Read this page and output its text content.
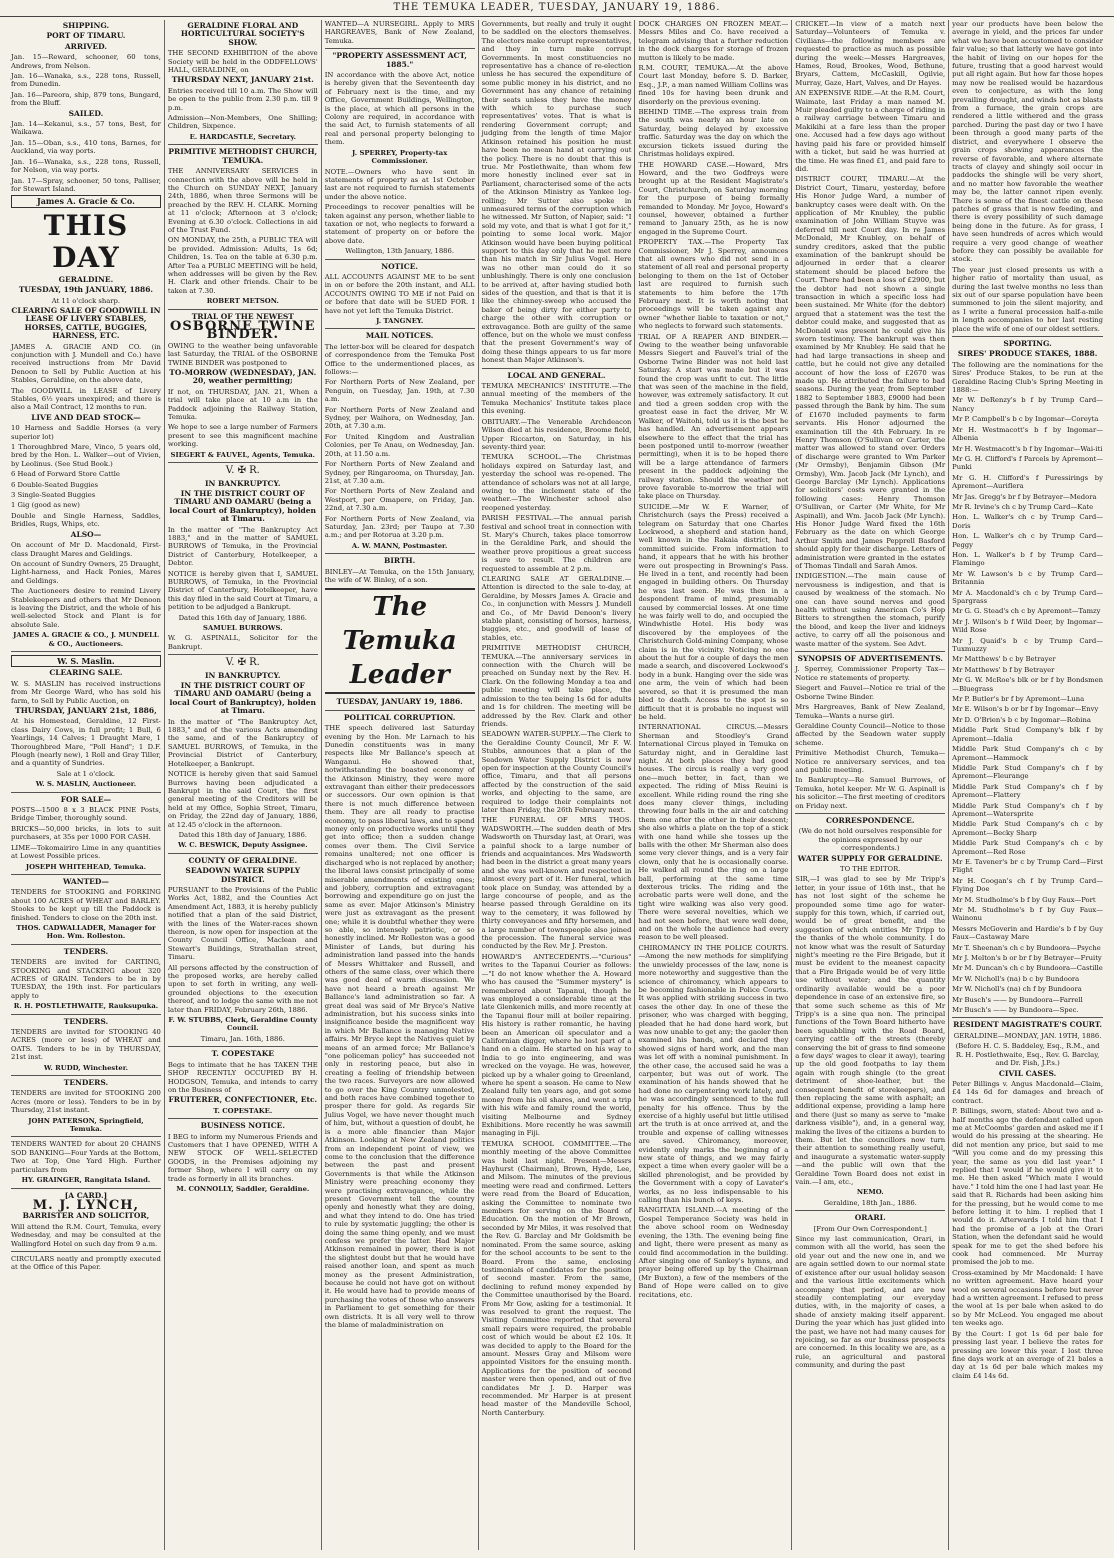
THE TEMUKA LEADER, TUESDAY, JANUARY 19, 1886.
SHIPPING.
PORT OF TIMARU.
ARRIVED.
Jan. 15—Reward, schooner, 60 tons, Andrews, from Nelson.
Jan. 16—Wanaka, s.s., 228 tons, Russell, from Dunedin.
Jan. 16—Pareora, ship, 879 tons, Bungard, from the Bluff.
SAILED.
Jan. 14—Kekanui, s.s., 57 tons, Best, for Waikawa.
Jan. 15—Oban, s.s., 410 tons, Barnes, for Auckland, via way ports.
Jan. 16—Wanaka, s.s., 228 tons, Russell, for Nelson, via way ports.
Jan. 17—Spray, schooner, 50 tons, Palliser, for Stewart Island.
James A. Gracie & Co.
THIS DAY
GERALDINE.
TUESDAY, 19th JANUARY, 1886.
At 11 o'clock sharp.
CLEARING SALE OF GOODWILL IN LEASE OF LIVERY STABLES, HORSES, CATTLE, BUGGIES, HARNESS, ETC.
JAMES A. GRACIE AND CO. (in conjunction with J. Mundell and Co.) have received instructions from Mr David Denoon to Sell by Public Auction at his Stables, Geraldine, on the above date,
The GOODWILL in LEASE of Livery Stables, 6½ years unexpired; and there is also a Mail Contract, 12 months to run.
LIVE AND DEAD STOCK—
10 Harness and Saddle Horses (a very superior lot)
1 Thoroughbred Mare, Vinco, 5 years old, bred by the Hon. L. Walker—out of Vivien, by Leolinus. (See Stud Book.)
6 Head of Forward Store Cattle
6 Double-Seated Buggies
3 Single-Seated Buggies
1 Gig (good as new)
Double and Single Harness, Saddles, Bridles, Rugs, Whips, etc.
ALSO—
On account of Mr D. Macdonald, First-class Draught Mares and Geldings.
On account of Sundry Owners, 25 Draught, Light-harness, and Hack Ponies, Mares and Geldings.
The Auctioneers desire to remind Livery Stablekeepers and others that Mr Denoon is leaving the District, and the whole of his well-selected Stock and Plant is for absolute Sale.
JAMES A. GRACIE & CO., J. MUNDELL & CO., Auctioneers.
W. S. Maslin.
CLEARING SALE.
W. S. MASLIN has received instructions from Mr George Ward, who has sold his farm, to Sell by Public Auction, on
THURSDAY, JANUARY 21st, 1886,
At his Homestead, Geraldine, 12 First-class Dairy Cows, in full profit; 1 Bull, 6 Yearlings, 14 Calves; 1 Draught Mare, 1 Thoroughbred Mare, "Poll Hand"; 1 D.F. Plough (nearly new), 1 Roll and Gray Tiller, and a quantity of Sundries.
Sale at 1 o'clock.
W. S. MASLIN, Auctioneer.
FOR SALE—
POSTS—1500 8 x 3 BLACK PINE Posts, Bridge Timber, thoroughly sound.
BRICKS—50,000 bricks, in lots to suit purchasers, at 35s per 1000 FOR CASH.
LIME—Tokomairiro Lime in any quantities at Lowest Possible prices.
JOSEPH WHITEHEAD, Temuka.
WANTED—
TENDERS for STOOKING and FORKING about 100 ACRES of WHEAT and BARLEY. Stooks to be kept up till the Paddock is finished. Tenders to close on the 20th inst.
THOS. CADWALLADER, Manager for Hon. Wm. Rolleston.
TENDERS.
TENDERS are invited for CARTING, STOOKING and STACKING about 320 ACRES of GRAIN. Tenders to be in by TUESDAY, the 19th inst. For particulars apply to
R. H. POSTLETHWAITE, Rauksupuka.
TENDERS.
TENDERS are invited for STOOKING 40 ACRES (more or less) of WHEAT and OATS. Tenders to be in by THURSDAY, 21st inst.
W. RUDD, Winchester.
TENDERS.
TENDERS are invited for STOOKING 200 Acres (more or less). Tenders to be in by Thursday, 21st instant.
JOHN PATERSON, Springfield, Temuka.
TENDERS WANTED for about 20 CHAINS SOD BANKING—Four Yards at the Bottom, Two at Top, One Yard High. Further particulars from
HY. GRAINGER, Rangitata Island.
[A CARD.]
M. J. LYNCH,
BARRISTER AND SOLICITOR,
Will attend the R.M. Court, Temuka, every Wednesday, and may be consulted at the Wallingford Hotel on such day from 9 a.m.
CIRCULARS neatly and promptly executed at the Office of this Paper.
GERALDINE FLORAL AND HORTICULTURAL SOCIETY'S SHOW.
THE SECOND EXHIBITION of the above Society will be held in the ODDFELLOWS' HALL, GERALDINE, on
THURSDAY NEXT, JANUARY 21st.
Entries received till 10 a.m. The Show will be open to the public from 2.30 p.m. till 9 p.m.
Admission—Non-Members, One Shilling; Children, Sixpence.
E. HARDCASTLE, Secretary.
PRIMITIVE METHODIST CHURCH, TEMUKA.
THE ANNIVERSARY SERVICES in connection with the above will be held in the Church on SUNDAY NEXT, January 24th, 1886, when three Sermons will be preached by the REV. H. CLARK. Morning at 11 o'clock; Afternoon at 3 o'clock; Evening at 6.30 o'clock. Collections in aid of the Trust Fund.
ON MONDAY, the 25th, a PUBLIC TEA will be provided. Admission: Adults, 1s 6d; Children, 1s. Tea on the table at 6.30 p.m. After Tea a PUBLIC MEETING will be held, when addresses will be given by the Rev. H. Clark and other friends. Chair to be taken at 7.30.
ROBERT METSON.
TRIAL OF THE NEWEST
OSBORNE TWINE BINDER.
OWING to the weather being unfavorable last Saturday, the TRIAL of the OSBORNE TWINE BINDER was postponed to
TO-MORROW (WEDNESDAY), JAN. 20, weather permitting;
If not, on THURSDAY, JAN. 21, When a trial will take place at 10 a.m in the Paddock adjoining the Railway Station, Temuka.
We hope to see a large number of Farmers present to see this magnificent machine working.
SIEGERT & FAUVEL, Agents, Temuka.
V. ✠ R.
IN BANKRUPTCY.
IN THE DISTRICT COURT OF TIMARU AND OAMARU (being a local Court of Bankruptcy), holden at Timaru.
In the matter of "The Bankruptcy Act 1883," and in the matter of SAMUEL BURROWS of Temuka, in the Provincial District of Canterbury, Hotelkeeper, a Debtor.
NOTICE is hereby given that I, SAMUEL BURROWS, of Temuka, in the Provincial District of Canterbury, Hotelkeeper, have this day filed in the said Court at Timaru, a petition to be adjudged a Bankrupt.
Dated this 16th day of January, 1886.
SAMUEL BURROWS.
W. G. ASPINALL, Solicitor for the Bankrupt.
V. ✠ R.
IN BANKRUPTCY.
IN THE DISTRICT COURT OF TIMARU AND OAMARU (being a local Court of Bankruptcy), holden at Timaru.
In the matter of "The Bankruptcy Act, 1883," and of the various Acts amending the same, and of the Bankruptcy of SAMUEL BURROWS, of Temuka, in the Provincial District of Canterbury, Hotelkeeper, a Bankrupt.
NOTICE is hereby given that said Samuel Burrows having been adjudicated a Bankrupt in the said Court, the first general meeting of the Creditors will be held at my Office, Sophia Street, Timaru, on Friday, the 22nd day of January, 1886, at 12.45 o'clock in the afternoon.
Dated this 18th day of January, 1886.
W. C. BESWICK, Deputy Assignee.
COUNTY OF GERALDINE.
SEADOWN WATER SUPPLY DISTRICT.
PURSUANT to the Provisions of the Public Works Act, 1882, and the Counties Act Amendment Act, 1883, it is hereby publicly notified that a plan of the said District, with the lines of the Water-races shown thereon, is now open for inspection at the County Council Office, Maclean and Stewart's Buildings, Strathallan street, Timaru.
All persons affected by the construction of the proposed works, are hereby called upon to set forth in writing, any well-grounded objections to the execution thereof, and to lodge the same with me not later than FRIDAY, February 26th, 1886.
F. W. STUBBS, Clerk, Geraldine County Council.
Timaru, Jan. 16th, 1886.
T. COPESTAKE
Begs to intimate that he has TAKEN THE SHOP RECENTLY OCCUPIED BY H. HODGSON, Temuka, and intends to carry on the Business of
FRUITERER, CONFECTIONER, Etc.
T. COPESTAKE.
BUSINESS NOTICE.
I BEG to inform my Numerous Friends and Customers that I have OPENED, WITH A NEW STOCK OF WELL-SELECTED GOODS, in the Premises adjoining my former Shop, where I will carry on my trade as formerly in all its branches.
M. CONNOLLY, Saddler, Geraldine.
WANTED—A NURSEGIRL. Apply to MRS HARGREAVES, Bank of New Zealand, Temuka.
"PROPERTY ASSESSMENT ACT, 1885."
IN accordance with the above Act, notice is hereby given that the Seventeenth day of February next is the time, and my Office, Government Buildings, Wellington, is the place, at which all persons in the Colony are required, in accordance with the said Act, to furnish statements of all real and personal property belonging to them.
J. SPERREY, Property-tax Commissioner.
NOTE.—Owners who have sent in statements of property as at 1st October last are not required to furnish statements under the above notice.
Proceedings to recover penalties will be taken against any person, whether liable to taxation or not, who neglects to forward a statement of property on or before the above date.
Wellington, 13th January, 1886.
NOTICE.
ALL ACCOUNTS AGAINST ME to be sent in on or before the 20th instant, and ALL ACCOUNTS OWING TO ME if not Paid on or before that date will be SUED FOR. I have not yet left the Temuka District.
J. TANGNEY.
MAIL NOTICES.
The letter-box will be cleared for despatch of correspondence from the Temuka Post Office to the undermentioned places, as follows:—
For Northern Ports of New Zealand, per Penguin, on Tuesday, Jan. 19th, at 7.30 a.m.
For Northern Ports of New Zealand and Sydney, per Waihora, on Wednesday, Jan. 20th, at 7.30 a.m.
For United Kingdom and Australian Colonies, per Te Anau, on Wednesday, Jan. 20th, at 11.50 a.m.
For Northern Ports of New Zealand and Sydney, per Ringarooma, on Thursday, Jan. 21st, at 7.30 a.m.
For Northern Ports of New Zealand and Westport, per Omapere, on Friday, Jan. 22nd, at 7.30 a.m.
For Northern Ports of New Zealand, via Saturday, Jan. 23rd; per Taupo at 7.30 a.m.; and per Rotorua at 3.20 p.m.
A. W. MANN, Postmaster.
BIRTH.
BINLEY—At Temuka, on the 15th January, the wife of W. Binley, of a son.
The Temuka Leader
TUESDAY, JANUARY 19, 1886.
POLITICAL CORRUPTION.
THE speech delivered last Saturday evening by the Hon. Mr Larnach to his Dunedin constituents was in many respects like Mr Ballance's speech at Wanganui. He showed that, notwithstanding the boasted economy of the Atkinson Ministry, they were more extravagant than either their predecessors or successors. Our own opinion is that there is not much difference between them. They are all ready to practise economy, to pass liberal laws, and to spend money only on productive works until they get into office; then a sudden change comes over them. The Civil Service remains unaltered; not one officer is discharged who is not replaced by another; the liberal laws consist principally of some miserable amendments of existing ones; and jobbery, corruption and extravagant borrowing and expenditure go on just the same as ever. Major Atkinson's Ministry were just as extravagant as the present one; while it is doubtful whether they were so able, so intensely patriotic, or so honestly inclined. Mr Rolleston was a good Minister of Lands, but during his administration land passed into the hands of Messrs Whittaker and Russell, and others of the same class, over which there was good deal of warm discussion. We have not heard a breath against Mr Ballance's land administration so far. A great deal was said of Mr Bryce's Native administration, but his success sinks into insignificance beside the magnificent way in which Mr Ballance is managing Native affairs. Mr Bryce kept the Natives quiet by means of an armed force; Mr Ballance's "one policeman policy" has succeeded not only in restoring peace, but also in creating a feeling of friendship between the two races. Surveyors are now allowed to go over the King Country unmolested, and both races have combined together to prosper there for gold. As regards Sir Julius Vogel, we have never thought much of him, but, without a question of doubt, he is a more able financier than Major Atkinson. Looking at New Zealand politics from an independent point of view, we come to the conclusion that the difference between the past and present Governments is that while the Atkinson Ministry were preaching economy they were practising extravagance, while the present Government tell the country openly and honestly what they are doing, and what they intend to do. One has tried to rule by systematic juggling; the other is doing the same thing openly, and we must confess we prefer the latter. Had Major Atkinson remained in power, there is not the slightest doubt but that he would have raised another loan, and spent as much money as the present Administration, because he could not have got on without it. He would have had to provide means of purchasing the votes of those who answers in Parliament to get something for their own districts. It is all very well to throw the blame of maladministration on
Governments, but really and truly it ought to be saddled on the electors themselves. The electors make corrupt representatives, and they in turn make corrupt Governments. In most constituencies no representative has a chance of re-election unless he has secured the expenditure of some public money in his district, and no Government has any chance of retaining their seats unless they have the money with which to purchase such representatives' votes. That is what is rendering Government corrupt; and judging from the length of time Major Atkinson retained his position he must have been no mean hand at carrying out the policy. There is no doubt that this is true. Mr Postlethwaite, than whom few more honestly inclined ever sat in Parliament, characterised some of the acts of the Atkinson Ministry as Yankee log-rolling; Mr Sutter also spoke in unmeasured terms of the corruption which he witnessed. Mr Sutton, of Napier, said: "I sold my vote, and that is what I got for it," pointing to some local work. Major Atkinson would have been buying political support to this day only that he met more than his match in Sir Julius Vogel. Here was no other man could do it so unblushingly. There is only one conclusion to be arrived at, after having studied both sides of the question, and that is that it is like the chimney-sweep who accused the baker of being dirty for either party to charge the other with corruption or extravagance. Both are guilty of the same offence, but on the whole we must confess that the present Government's way of doing these things appears to us far more honest than Major Atkinson's.
LOCAL AND GENERAL.
TEMUKA MECHANICS' INSTITUTE.—The annual meeting of the members of the Temuka Mechanics' Institute takes place this evening.
OBITUARY.—The Venerable Archdeacon Wilson died at his residence, Broome field, Upper Riccarton, on Saturday, in his seventy-third year.
TEMUKA SCHOOL.—The Christmas holidays expired on Saturday last, and yesterday the school was re-opened. The attendance of scholars was not at all large, owing to the inclement state of the weather.—The Winchester school also reopened yesterday.
PARISH FESTIVAL.—The annual parish festival and school treat in connection with St. Mary's Church, takes place tomorrow in the Geraldine Park, and should the weather prove propitious a great success is sure to result. The children are requested to assemble at 2 p.m.
CLEARING SALE AT GERALDINE.—Attention is directed to the sale to-day, at Geraldine, by Messrs James A. Gracie and Co., in conjunction with Messrs J. Mundell and Co., of Mr David Denoon's livery stable plant, consisting of horses, harness, buggies, etc., and goodwill of lease of stables, etc.
PRIMITIVE METHODIST CHURCH, TEMUKA.—The anniversary services in connection with the Church will be preached on Sunday next by the Rev. H. Clark. On the following Monday a tea and public meeting will take place, the admission to the tea being 1s 6d for adults and 1s for children. The meeting will be addressed by the Rev. Clark and other friends.
SEADOWN WATER-SUPPLY.—The Clerk to the Geraldine County Council, Mr F. W. Stubbs, announces that a plan of the Seadown Water Supply District is now open for inspection at the County Council's office, Timaru, and that all persons affected by the construction of the said works, and objecting to the same, are required to lodge their complaints not later than Friday, the 26th February next.
THE FUNERAL OF MRS THOS. WADSWORTH.—The sudden death of Mrs Wadsworth on Thursday last, at Orari, was a painful shock to a large number of friends and acquaintances. Mrs Wadsworth had been in the district a great many years and she was well-known and respected in almost every part of it. Her funeral, which took place on Sunday, was attended by a large concourse of people, and as the hearse passed through Geraldine on its way to the cemetery, it was followed by thirty conveyances and fifty horsemen, and a large number of townspeople also joined the procession. The funeral service was conducted by the Rev. Mr J. Preston.
HOWARD'S ANTECEDENTS.—"Curious" writes to the Tapanui Courier as follows:—"I do not know whether the A. Howard who has caused the "Summer mystery" is remembered about Tapanui, though he was employed a considerable time at the late Glenkenich mills, and more recently at the Tapanui flour mill at boiler repairing. His history is rather romantic, he having been an American oil speculator and a Californian digger, where he lost part of a hand on a claim. He started on his way to India to go into engineering, and was wrecked on the voyage. He was, however, picked up by a whaler going to Greenland, where he spent a season. He came to New Zealand fully ten years ago, and got some money from his oil shares, and went a trip with his wife and family round the world, visiting Melbourne and Sydney Exhibitions. More recently he was sawmill managing in Fiji.
TEMUKA SCHOOL COMMITTEE.—The monthly meeting of the above Committee was held last night. Present—Messrs Hayhurst (Chairman), Brown, Hyde, Lee, and Milsom. The minutes of the previous meeting were read and confirmed. Letters were read from the Board of Education, asking the Committee to nominate two members for serving on the Board of Education. On the motion of Mr Brown, seconded by Mr Miles, it was resolved that the Rev. G. Barclay and Mr Goldsmith be nominated. From the same source, asking for the school accounts to be sent to the Board. From the same, enclosing testimonials of candidates for the position of second master. From the same, declining to refund money expended by the Committee unauthorised by the Board. From Mr Gow, asking for a testimonial. It was resolved to grant the request. The Visiting Committee reported that several small repairs were required, the probable cost of which would be about £2 10s. It was decided to apply to the Board for the amount. Messrs Gray and Milsom were appointed Visitors for the ensuing month. Applications for the position of second master were then opened, and out of five candidates Mr J. D. Harper was recommended. Mr Harper is at present head master of the Mandeville School, North Canterbury.
DOCK CHARGES ON FROZEN MEAT.—Messrs Miles and Co. have received a telegram advising that a further reduction in the dock charges for storage of frozen mutton is likely to be made.
R.M. COURT, TEMUKA.—At the above Court last Monday, before S. D. Barker, Esq., J.P., a man named William Collins was fined 10s for having been drunk and disorderly on the previous evening.
BEHIND TIME.—The express train from the south was nearly an hour late on Saturday, being delayed by excessive traffic. Saturday was the day on which the excursion tickets issued during the Christmas holidays expired.
THE HOWARD CASE.—Howard, Mrs Howard, and the two Godfreys were brought up at the Resident Magistrate's Court, Christchurch, on Saturday morning for the purpose of being formally remanded to Monday. Mr Joyce, Howard's counsel, however, obtained a further remand to January 25th, as he is now engaged in the Supreme Court.
PROPERTY TAX.—The Property Tax Commissioner, Mr J. Sperrey, announces that all owners who did not send in a statement of all real and personal property belonging to them on the 1st of October last are required to furnish such statements to him before the 17th February next. It is worth noting that proceedings will be taken against any owner "whether liable to taxation or not," who neglects to forward such statements.
TRIAL OF A REAPER AND BINDER.—Owing to the weather being unfavorable Messrs Siegert and Fauvel's trial of the Osborne Twine Binder was not held last Saturday. A start was made but it was found the crop was unfit to cut. The little that was seen of the machine in the field, however, was extremely satisfactory. It cut and tied a green sodden crop with the greatest ease in fact the driver, Mr W. Walker, of Waitohi, told us it is the best he has handled. An advertisement appears elsewhere to the effect that the trial has been postponed until to-morrow (weather permitting), when it is to be hoped there will be a large attendance of farmers present in the paddock adjoining the railway station. Should the weather not prove favorable to-morrow the trial will take place on Thursday.
SUICIDE.—Mr W. F. Warner, of Christchurch (says the Press) received a telegram on Saturday that one Charles Lockwood, a shepherd and station hand, well known in the Rakaia district, had committed suicide. From information to hand, it appears that he with his brother were out prospecting in Browning's Pass. He lived in a tent, and recently had been engaged in building others. On Thursday he was last seen. He was then in a despondent frame of mind, presumably caused by commercial losses. At one time he was fairly well to do, and occupied the Windwhistle Hotel. His body was discovered by the employees of the Christchurch Gold-mining Company, whose claim is in the vicinity. Noticing no one about the hut for a couple of days the men made a search, and discovered Lockwood's body in a bunk. Hanging over the side was one arm, the vein of which had been severed, so that it is presumed the man bled to death. Access to the spot is so difficult that it is probable no inquest will be held.
INTERNATIONAL CIRCUS.—Messrs Sherman and Stoodley's Grand International Circus played in Temuka on Saturday night, and in Geraldine last night. At both places they had good houses. The circus is really a very good one—much better, in fact, than we expected. The riding of Miss Reuini is excellent. While riding round the ring she does many clever things, including throwing four balls in the air and catching them one after the other in their descent; she also whirls a plate on the top of a stick with one hand while she tosses up the balls with the other. Mr Sherman also does some very clever things, and is a very fair clown, only that he is occasionally coarse. He walked all round the ring on a large ball, performing at the same time dexterous tricks. The riding and the acrobatic parts were well done, and the tight wire walking was also very good. There were several novelties, which we had not seen before, that were well done, and on the whole the audience had every reason to be well pleased.
CHIROMANCY IN THE POLICE COURTS.—Among the new methods for simplifying the unwieldy processes of the law, none is more noteworthy and suggestive than the science of chiromancy, which appears to be becoming fashionable in Police Courts. It was applied with striking success in two cases the other day. In one of these the prisoner, who was charged with begging, pleaded that he had done hard work, but was now unable to get any; the gaoler then examined his hands, and declared they showed signs of hard work, and the man was let off with a nominal punishment. In the other case, the accused said he was a carpenter, but was out of work. The examination of his hands showed that he had done no carpentering work lately, and he was accordingly sentenced to the full penalty for his offence. Thus by the exercise of a highly useful but little utilised art the truth is at once arrived at, and the trouble and expense of calling witnesses are saved. Chiromancy, moreover, evidently only marks the beginning of a new state of things, and we may fairly expect a time when every gaoler will be a skilled phrenologist, and be provided by the Government with a copy of Lavater's works, as no less indispensable to his calling than his bunch of keys.
RANGITATA ISLAND.—A meeting of the Gospel Temperance Society was held in the above school room on Wednesday evening, the 13th. The evening being fine and light, there were present as many as could find accommodation in the building. After singing one of Sankey's hymns, and prayer being offered up by the Chairman (Mr Buxton), a few of the members of the Band of Hope were called on to give recitations, etc.
CRICKET.—In view of a match next Saturday—Volunteers of Temuka v. Civilians—the following members are requested to practice as much as possible during the week:—Messrs Hargreaves, Hames, Roud, Brookes, Wood, Bethune, Bryars, Cattem, McCaskill, Ogilvie, Murray, Gaze, Hart, Valves, and Dr Hayes.
AN EXPENSIVE RIDE.—At the R.M. Court, Waimate, last Friday a man named M. Muir pleaded guilty to a charge of riding in a railway carriage between Timaru and Makikihi at a fare less than the proper one. Accused had a few days ago without having paid his fare or provided himself with a ticket, but said he was hurried at the time. He was fined £1, and paid fare to did.
DISTRICT COURT, TIMARU.—At the District Court, Timaru, yesterday, before His Honor Judge Ward, a number of bankruptcy cases were dealt with. On the application of Mr Knubley, the public examination of John William Stuyve was deferred till next Court day. In re James McDonald, Mr Knubley, on behalf of sundry creditors, asked that the public examination of the bankrupt should be adjourned in order that a clearer statement should be placed before the Court. There had been a loss of £2900, but the debtor had not shown a single transaction in which a specific loss had been sustained. Mr White (for the debtor) argued that a statement was the test the debtor could make, and suggested that as McDonald was present he could give his sworn testimony. The bankrupt was then examined by Mr Knubley. He said that he had had large transactions in sheep and cattle, but he could not give any detailed account of how the loss of £2670 was made up. He attributed the failure to bad seasons. During the year, from September 1882 to September 1883, £9000 had been passed through the Bank by him. The sum of £1670 included payments to farm servants. His Honor adjourned the examination till the 4th February. In re Henry Thomson (O'Sullivan or Carter, the matter was allowed to stand over. Orders of discharge were granted to Wm Parker (Mr Ormsby), Benjamin Gibson (Mr Ormsby), Wm. Jacob Jack (Mr Lynch), and George Barclay (Mr Lynch). Applications for solicitors' costs were granted in the following cases: Henry Thomson O'Sullivan, or Carter (Mr White, for Mr Aspinall), and Wm. Jacob Jack (Mr Lynch). His Honor Judge Ward fixed the 16th February as the date on which George Arthur Smith and James Pepprell Basford should apply for their discharge. Letters of administration were granted in the estates of Thomas Tindall and Sarah Amos.
INDIGESTION.—The main cause of nervousness is indigestion, and that is caused by weakness of the stomach. No one can have sound nerves and good health without using American Co's Hop Bitters to strengthen the stomach, purify the blood, and keep the liver and kidneys active, to carry off all the poisonous and waste matter of the system. See Advt.
SYNOPSIS OF ADVERTISEMENTS.
J. Sperrey, Commissioner Property Tax—Notice re statements of property.
Siegert and Fauvel—Notice re trial of the Osborne Twine Binder.
Mrs Hargreaves, Bank of New Zealand, Temuka—Wants a nurse girl.
Geraldine County Council—Notice to those affected by the Seadown water supply scheme.
Primitive Methodist Church, Temuka—Notice re anniversary services, and tea and public meeting.
In Bankruptcy—Re Samuel Burrows, of Temuka, hotel keeper. Mr W. G. Aspinall is his solicitor.—The first meeting of creditors on Friday next.
CORRESPONDENCE.
(We do not hold ourselves responsible for the opinions expressed by our correspondents.)
WATER SUPPLY FOR GERALDINE.
TO THE EDITOR.
SIR,—I was glad to see by Mr Tripp's letter, in your issue of 16th inst., that he has not lost sight of the scheme he propounded some time ago for water-supply for this town, which, if carried out, would be of great benefit, and the suggestion of which entitles Mr Tripp to the thanks of the whole community. I do not know what was the result of Saturday night's meeting re the Fire Brigade, but it must be evident to the meanest capacity that a Fire Brigade would be of very little use without water; and the quantity ordinarily available would be a poor dependence in case of an extensive fire, so that some such scheme as this of Mr Tripp's is a sine qua non. The principal functions of the Town Board hitherto have been squabbling with the Road Board, carrying cattle off the streets (thereby conserving the bit of grass to find someone a few days' wages to clear it away), tearing up the old good footpaths to lay them again with rough shingle (to the great detriment of shoe-leather, but the consequent benefit of storekeepers), and then replacing the same with asphalt; an additional expense, providing a lamp here and there (just so many as serve to "make darkness visible"), and, in a general way, making the lives of the citizens a burden to them. But let the councillors now turn their attention to something really useful, and inaugurate a systematic water-supply—and the public will own that the Geraldine Town Board does not exist in vain.—I am, etc.,
NEMO.
Geraldine, 18th Jan., 1886.
ORARI.
[From Our Own Correspondent.]
Since my last communication, Orari, in common with all the world, has seen the old year out and the new one in, and we are again settled down to our normal state of existence after our usual holiday season and the various little excitements which accompany that period, and are now steadily contemplating our everyday duties, with, in the majority of cases, a shade of anxiety making itself apparent. During the year which has just glided into the past, we have not had many causes for rejoicing, so far as our business prospects are concerned. In this locality we are, as a rule, an agricultural and pastoral community, and during the past
year our products have been below the average in yield, and the prices far under what we have been accustomed to consider fair value; so that latterly we have got into the habit of living on our hopes for the future, trusting that a good harvest would put all right again. But how far those hopes may now be realised would be hazardous even to conjecture, as with the long prevailing drought, and winds hot as blasts from a furnace, the grain crops are rendered a little withered and the grass parched. During the past day or two I have been through a good many parts of the district, and everywhere I observe the grain crops showing appearances the reverse of favorable, and where alternate tracts of clayey and shingly soil occur in paddocks the shingle will be very short, and no matter how favorable the weather may be, the latter cannot ripen evenly. There is some of the finest cattle on these patches of grass that is now feeding, and there is every possibility of such damage being done in the future. As for grass, I have seen hundreds of acres which would require a very good change of weather before they can possibly be available for stock.
The year just closed presents us with a higher ratio of mortality than usual, as during the last twelve months no less than six out of our sparse population have been summoned to join the silent majority, and as I write a funeral procession half-a-mile in length accompanies to her last resting place the wife of one of our oldest settlers.
SPORTING.
SIRES' PRODUCE STAKES, 1888.
The following are the nominations for the Sires' Produce Stakes, to be run at the Geraldine Racing Club's Spring Meeting in 1888:—
Mr W. DeRenzy's b f by Trump Card—Nancy
Mr P. Campbell's b c by Ingomar—Coreyta
Mr H. Westmacott's b f by Ingomar—Albenia
Mr H. Westmacott's b f by Ingomar—Wai-iti
Mr G. H. Clifford's f Parcels by Apremont—Punki
Mr G. H. Clifford's f Puressirings by Apremont—Auriflera
Mr Jas. Gregg's br f by Betrayer—Medora
Mr R. Irvine's ch c by Trump Card—Kate
Hon. L. Walker's ch c by Trump Card—Doris
Hon. L. Walker's ch c by Trump Card—Peggy
Hon. L. Walker's b f by Trump Card—Flamingo
Mr W. Lawson's b c by Trump Card—Britannia
Mr A. Macdonald's ch c by Trump Card—Spargrass
Mr G. G. Stead's ch c by Apremont—Tamzy
Mr J. Wilson's b f Wild Deer, by Ingomar—Wild Rose
Mr J. Quaid's b c by Trump Card—Tuxmuzzy
Mr Matthews' b c by Betrayer
Mr Matthews' b f by Betrayer
Mr G. W. McRoe's blk or br f by Bondsmen—Bluegrass
Mr P. Butler's br f by Apremont—Luna
Mr E. Wilson's b or br f by Ingomar—Envy
Mr D. O'Brien's b c by Ingomar—Robina
Middle Park Stud Company's blk f by Apremont—Idalia
Middle Park Stud Company's ch c by Apremont—Hammock
Middle Park Stud Company's ch f by Apremont—Fleurange
Middle Park Stud Company's ch f by Apremont—Flattery
Middle Park Stud Company's ch f by Apremont—Watersprite
Middle Park Stud Company's ch c by Apremont—Becky Sharp
Middle Park Stud Company's ch c by Apremont—Red Rose
Mr E. Tavener's br c by Trump Card—First Flight
Mr H. Coogan's ch f by Trump Card—Flying Doe
Mr M. Studholme's b f by Guy Faux—Port
Mr M. Studholme's b f by Guy Faux—Wainonu
Messrs McGoverin and Hardie's b f by Guy Faux—Castaway Mare
Mr T. Sheenan's ch c by Bundoora—Psyche
Mr J. Melton's b or br f by Betrayer—Fruity
Mr M. Duncan's ch c by Bundoora—Castille
Mr W. Nicholl's (na) b c by Bundoora
Mr W. Nicholl's (na) ch f by Bundoora
Mr Busch's —— by Bundoora—Farrell
Mr Busch's —— by Bundoora—Spec.
RESIDENT MAGISTRATE'S COURT.
GERALDINE—MONDAY, JAN. 19TH, 1886.
(Before H. C. S. Baddeley, Esq., R.M., and R. H. Postlethwaite, Esq., Rev. G. Barclay, and Dr. Fish, J.P.s.)
CIVIL CASES.
Peter Billings v. Angus Macdonald—Claim, £4 14s 6d for damages and breach of contract.
P. Billings, sworn, stated: About two and a-half months ago the defendant called upon me at McCoombs' garden and asked me if I would do his pressing at the shearing. He did not mention any price, but said to me "Will you come and do my pressing this year, the same as you did last year." I replied that I would if he would give it to me. He then asked "Which mate I would have." I told him the one I had last year. He said that R. Richards had been asking him for the pressing, but he would come to me before letting it to him. I replied that I would do it. Afterwards I told him that I had the promise of a job at the Orari Station, when the defendant said he would speak for me to get the shed before his cook had commenced. Mr Murray promised the job to me.
Cross-examined by Mr Macdonald: I have no written agreement. Have heard your wool on several occasions before but never had a written agreement. I refused to press the wool at 1s per bale when asked to do so by Mr McLeod. You engaged me about ten weeks ago.
By the Court: I got 1s 6d per bale for pressing last year. I believe the rates for pressing are lower this year. I lost three fine days work at an average of 21 bales a day at 1s 6d per bale which makes my claim £4 14s 6d.
